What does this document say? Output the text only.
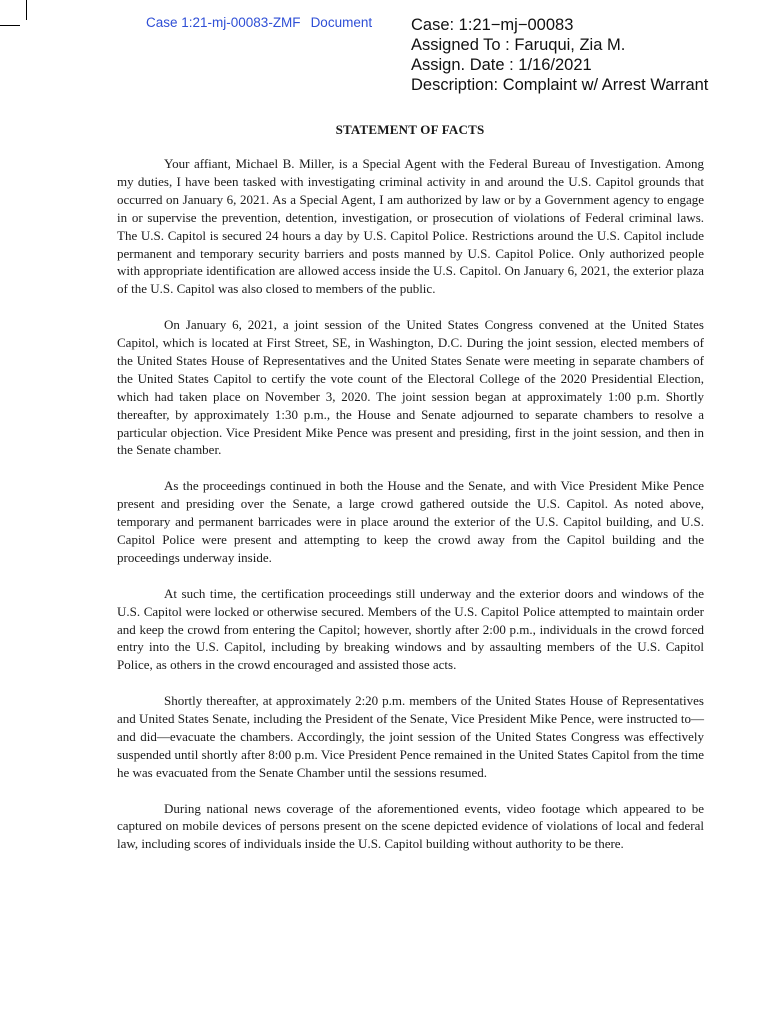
Case 1:21-mj-00083-ZMF Document Case: 1:21−mj−00083
Assigned To : Faruqui, Zia M.
Assign. Date : 1/16/2021
Description: Complaint w/ Arrest Warrant
STATEMENT OF FACTS

Your affiant, Michael B. Miller, is a Special Agent with the Federal Bureau of Investigation. Among my duties, I have been tasked with investigating criminal activity in and around the U.S. Capitol grounds that occurred on January 6, 2021. As a Special Agent, I am authorized by law or by a Government agency to engage in or supervise the prevention, detention, investigation, or prosecution of violations of Federal criminal laws. The U.S. Capitol is secured 24 hours a day by U.S. Capitol Police. Restrictions around the U.S. Capitol include permanent and temporary security barriers and posts manned by U.S. Capitol Police. Only authorized people with appropriate identification are allowed access inside the U.S. Capitol. On January 6, 2021, the exterior plaza of the U.S. Capitol was also closed to members of the public.

On January 6, 2021, a joint session of the United States Congress convened at the United States Capitol, which is located at First Street, SE, in Washington, D.C. During the joint session, elected members of the United States House of Representatives and the United States Senate were meeting in separate chambers of the United States Capitol to certify the vote count of the Electoral College of the 2020 Presidential Election, which had taken place on November 3, 2020. The joint session began at approximately 1:00 p.m. Shortly thereafter, by approximately 1:30 p.m., the House and Senate adjourned to separate chambers to resolve a particular objection. Vice President Mike Pence was present and presiding, first in the joint session, and then in the Senate chamber.

As the proceedings continued in both the House and the Senate, and with Vice President Mike Pence present and presiding over the Senate, a large crowd gathered outside the U.S. Capitol. As noted above, temporary and permanent barricades were in place around the exterior of the U.S. Capitol building, and U.S. Capitol Police were present and attempting to keep the crowd away from the Capitol building and the proceedings underway inside.

At such time, the certification proceedings still underway and the exterior doors and windows of the U.S. Capitol were locked or otherwise secured. Members of the U.S. Capitol Police attempted to maintain order and keep the crowd from entering the Capitol; however, shortly after 2:00 p.m., individuals in the crowd forced entry into the U.S. Capitol, including by breaking windows and by assaulting members of the U.S. Capitol Police, as others in the crowd encouraged and assisted those acts.

Shortly thereafter, at approximately 2:20 p.m. members of the United States House of Representatives and United States Senate, including the President of the Senate, Vice President Mike Pence, were instructed to—and did—evacuate the chambers. Accordingly, the joint session of the United States Congress was effectively suspended until shortly after 8:00 p.m. Vice President Pence remained in the United States Capitol from the time he was evacuated from the Senate Chamber until the sessions resumed.

During national news coverage of the aforementioned events, video footage which appeared to be captured on mobile devices of persons present on the scene depicted evidence of violations of local and federal law, including scores of individuals inside the U.S. Capitol building without authority to be there.
